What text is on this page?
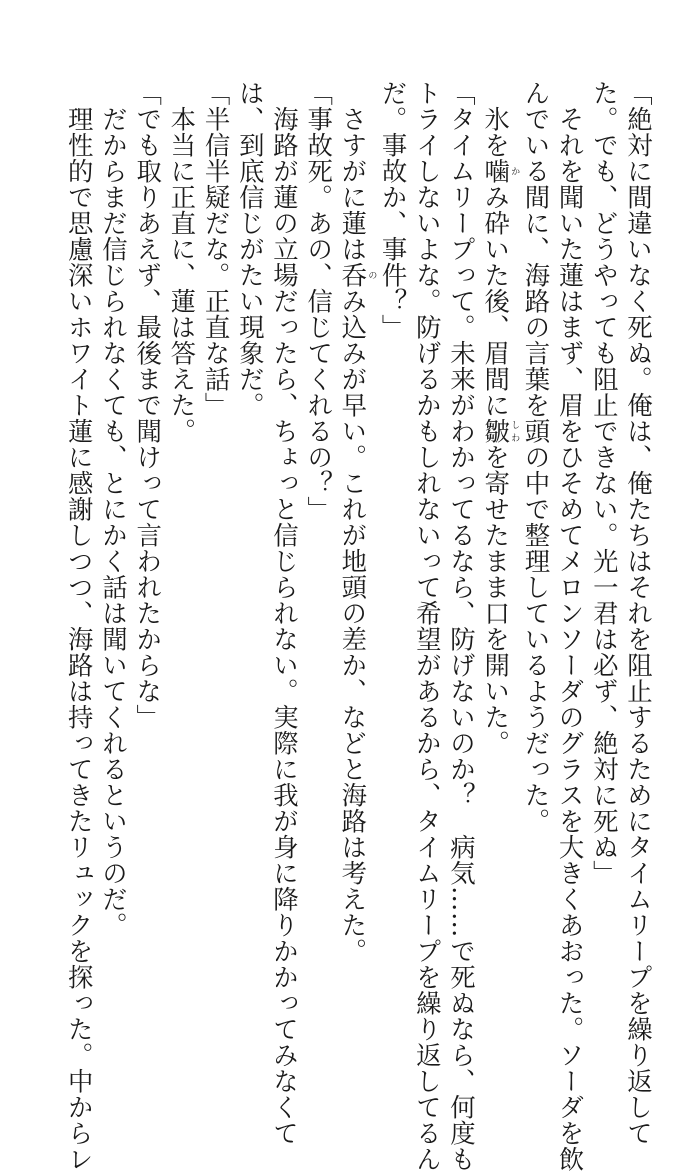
「絶対に間違いなく死ぬ。俺は、俺たちはそれを阻止するためにタイムリープを繰り返して
た。でも、どうやっても阻止できない。光一君は必ず、絶対に死ぬ」
　それを聞いた蓮はまず、眉をひそめてメロンソーダのグラスを大きくあおった。ソーダを飲
んでいる間に、海路の言葉を頭の中で整理しているようだった。
　氷を噛かみ砕いた後、眉間に皺しわを寄せたまま口を開いた。
「タイムリープって。未来がわかってるなら、防げないのか？　病気……で死ぬなら、何度も
トライしないよな。防げるかもしれないって希望があるから、タイムリープを繰り返してるん
だ。事故か、事件？」
　さすがに蓮は呑のみ込みが早い。これが地頭の差か、などと海路は考えた。
「事故死。あの、信じてくれるの？」
　海路が蓮の立場だったら、ちょっと信じられない。実際に我が身に降りかかってみなくて
は、到底信じがたい現象だ。
「半信半疑だな。正直な話」
　本当に正直に、蓮は答えた。
「でも取りあえず、最後まで聞けって言われたからな」
　だからまだ信じられなくても、とにかく話は聞いてくれるというのだ。
　理性的で思慮深いホワイト蓮に感謝しつつ、海路は持ってきたリュックを探った。中からレ
